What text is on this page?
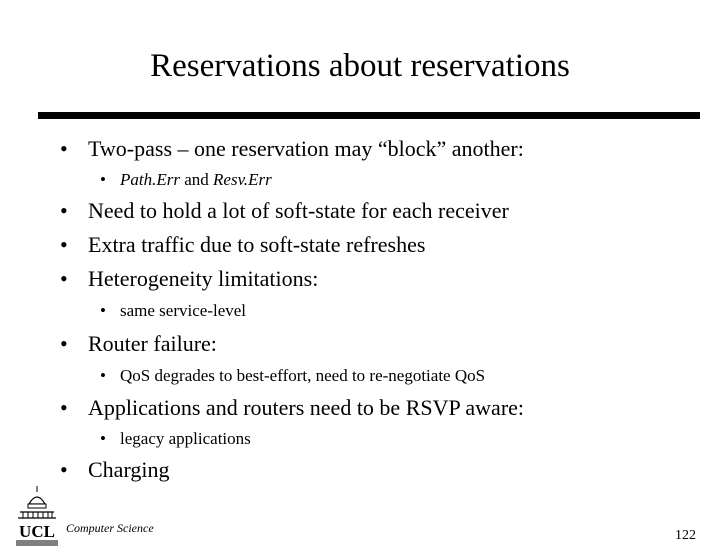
Reservations about reservations
• Two-pass – one reservation may “block” another:
• Path.Err and Resv.Err
• Need to hold a lot of soft-state for each receiver
• Extra traffic due to soft-state refreshes
• Heterogeneity limitations:
• same service-level
• Router failure:
• QoS degrades to best-effort, need to re-negotiate QoS
• Applications and routers need to be RSVP aware:
• legacy applications
• Charging
UCL Computer Science	122
